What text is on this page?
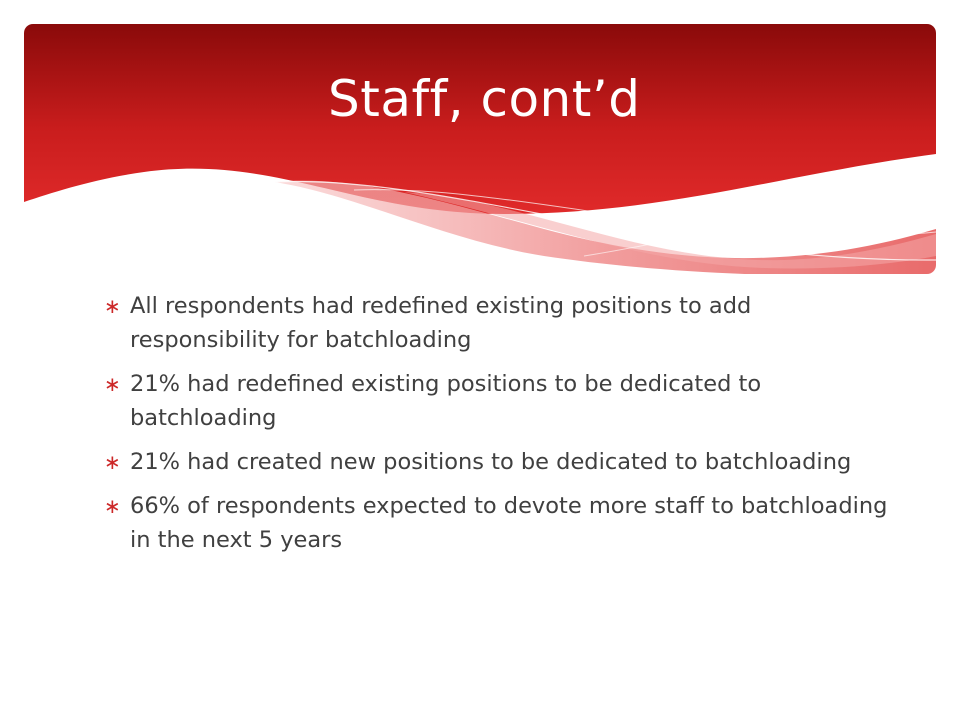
Staff, cont’d
∗ All respondents had redefined existing positions to add responsibility for batchloading
∗ 21% had redefined existing positions to be dedicated to batchloading
∗ 21% had created new positions to be dedicated to batchloading
∗ 66% of respondents expected to devote more staff to batchloading in the next 5 years
